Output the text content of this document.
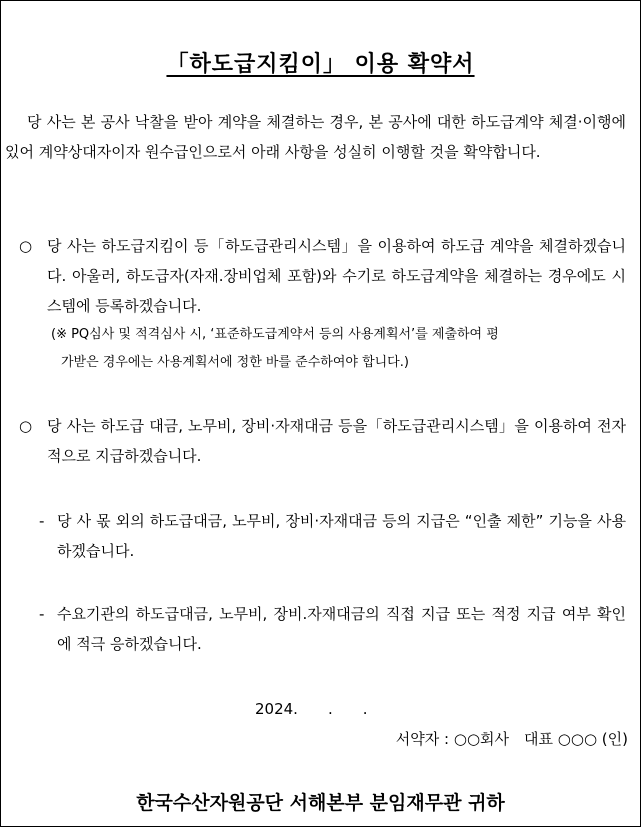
「하도급지킴이」 이용 확약서
당 사는 본 공사 낙찰을 받아 계약을 체결하는 경우, 본 공사에 대한 하도급계약 체결·이행에 있어 계약상대자이자 원수급인으로서 아래 사항을 성실히 이행할 것을 확약합니다.
○ 당 사는 하도급지킴이 등「하도급관리시스템」을 이용하여 하도급 계약을 체결하겠습니다. 아울러, 하도급자(자재.장비업체 포함)와 수기로 하도급계약을 체결하는 경우에도 시스템에 등록하겠습니다.
(※ PQ심사 및 적격심사 시, ‘표준하도급계약서 등의 사용계획서’를 제출하여 평
가받은 경우에는 사용계획서에 정한 바를 준수하여야 합니다.)
○ 당 사는 하도급 대금, 노무비, 장비·자재대금 등을「하도급관리시스템」을 이용하여 전자적으로 지급하겠습니다.
- 당 사 몫 외의 하도급대금, 노무비, 장비·자재대금 등의 지급은 “인출 제한” 기능을 사용하겠습니다.
- 수요기관의 하도급대금, 노무비, 장비.자재대금의 직접 지급 또는 적정 지급 여부 확인에 적극 응하겠습니다.
2024.　　.　　.
서약자 : ○○회사　대표 ○○○ (인)
한국수산자원공단 서해본부 분임재무관 귀하
